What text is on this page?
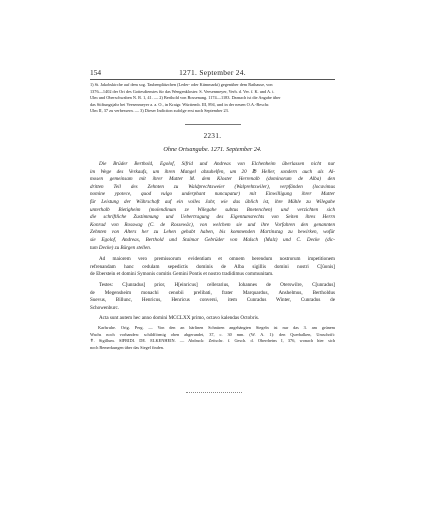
154	1271. September 24.
1) St. Jakobskirche auf dem sog. Taubenplätzchen (Leder- oder Kümmarkt) gegenüber dem Rathause, von
1376—1402 der Ort des Gottesdienstes für das Wengenkloster. S. Veesenmeyer, Verh. d. Ver. f. K. und A. i.
Ulm und Oberschwaben N. R. 1, 41. — 2) Berthold von Bossenang. 1174—1183. Darnach ist die Angabe über
das Stiftungsjahr bei Veesenmeyer a. a. O., in Kraigr. Württemb. III, 894, und in der neuen O.A.-Beschr.
Ulm II, 37 zu verbessern. — 3) Dieser Indiction zufolge erst nach September 23.
2231.
Ohne Ortsangabe. 1271. September 24.
Die Brüder Berthold, Egolof, Sifrid und Andreas von Elchenheim überlassen nicht nur
im Wege des Verkaufs, um ihren Mangel abzuhelfen, um 20 ℔ Heller, sondern auch als Al-
mosen gemeinsam mit ihrer Mutter M. dem Kloster Herrenalb (dominorum de Alba) den
dritten Teil des Zehnten zu Waldprechtsweier (Walprehtswiler), verpfänden (locavimus
nomine ypotece, quod vulgo underphant nuncupatur) mit Einwilligung ihrer Mutter
für Leistung der Währschaft auf ein volles Jahr, wie das üblich ist, ihre Mühle zu Wilegahe
unterhalb Bietigheim (molendinum ze Wilegahe subtus Bnetenchen) und verzichten sich
die schriftliche Zustimmung und Uebertragung des Eigentumsrechts von Seiten ihres Herrn
Konrad von Rosswag (C. de Rossewâc), von welchem sie und ihre Vorfahren den genannten
Zehnten von Alters her zu Lehen gehabt haben, bis kommenden Martinstag zu bewirken, wofür
sie Egolof, Andreas, Berthold und Staimar Gebrüder von Malsch (Malz) und C. Decke (dic-
tum Decke) zu Bürgen stellen.
Ad maiorem vero premissorum evidentiam et omnem berendum nostrorum impetitionem
refrenandam hanc cedulam sepedictis dominis de Alba sigillis domini nostri C[ûonis]
de Eberstein et domini Symonis comitis Gemini Pontis et nostro tradidimus communitam.
Testes: C[unradus] prior, H[einricus] cellerarius, Iohannes de Oterswilre, C[unradus]
de Megensheim monachi cenobii prelibati, frater Marquardus, Anshelmus, Bertholdus
Suevus, Billunc, Henricus, Henricus conversi, item Cunradus Winter, Cunradus de
Schowenburc.
Acta sunt autem hec anno domini MCCLXX primo, octavo kalendas Octobris.
Karlsruhe. Orig. Perg. — Von den an härlinen Schnüren angehängten Siegeln ist nur das 3. am grünem
Wachs noch vorhanden: schildförmig oben abgerundet, 37, c. 30 mm. (W. A. 1): den Querbalken, Umschrift:
✝. Sigillum. SIFRIDI. DE. ELKENHEIN. — Abdruck: Zeitschr. f. Gesch. d. Oberrheins I, 376, wonach hier sich
noch Bemerkungen über das Siegel finden.
